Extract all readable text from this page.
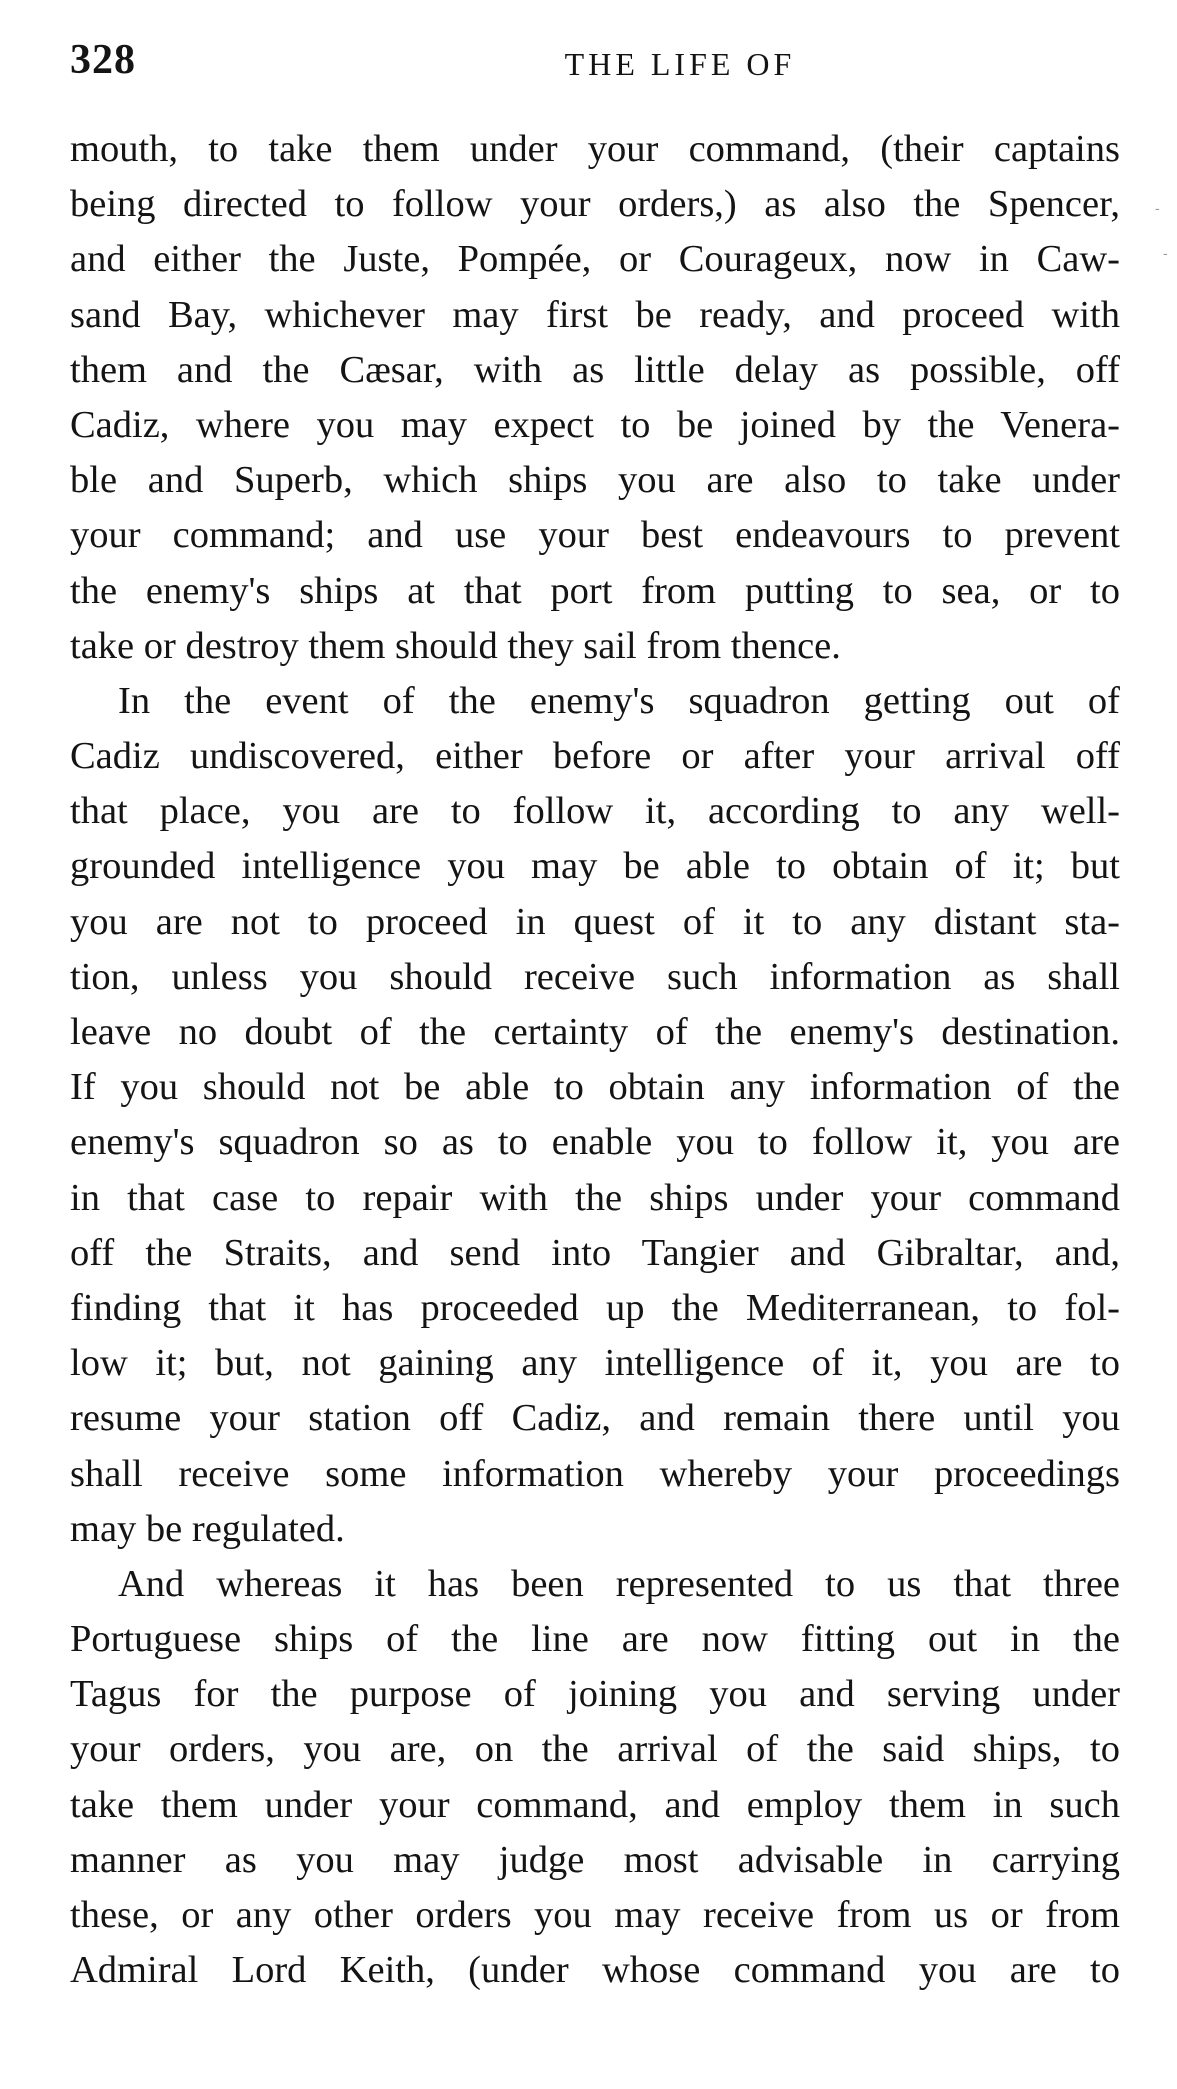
328	THE LIFE OF
-
-
mouth, to take them under your command, (their captains
being directed to follow your orders,) as also the Spencer,
and either the Juste, Pompée, or Courageux, now in Caw-
sand Bay, whichever may first be ready, and proceed with
them and the Cæsar, with as little delay as possible, off
Cadiz, where you may expect to be joined by the Venera-
ble and Superb, which ships you are also to take under
your command; and use your best endeavours to prevent
the enemy's ships at that port from putting to sea, or to
take or destroy them should they sail from thence.
In the event of the enemy's squadron getting out of
Cadiz undiscovered, either before or after your arrival off
that place, you are to follow it, according to any well-
grounded intelligence you may be able to obtain of it; but
you are not to proceed in quest of it to any distant sta-
tion, unless you should receive such information as shall
leave no doubt of the certainty of the enemy's destination.
If you should not be able to obtain any information of the
enemy's squadron so as to enable you to follow it, you are
in that case to repair with the ships under your command
off the Straits, and send into Tangier and Gibraltar, and,
finding that it has proceeded up the Mediterranean, to fol-
low it; but, not gaining any intelligence of it, you are to
resume your station off Cadiz, and remain there until you
shall receive some information whereby your proceedings
may be regulated.
And whereas it has been represented to us that three
Portuguese ships of the line are now fitting out in the
Tagus for the purpose of joining you and serving under
your orders, you are, on the arrival of the said ships, to
take them under your command, and employ them in such
manner as you may judge most advisable in carrying
these, or any other orders you may receive from us or from
Admiral Lord Keith, (under whose command you are to
